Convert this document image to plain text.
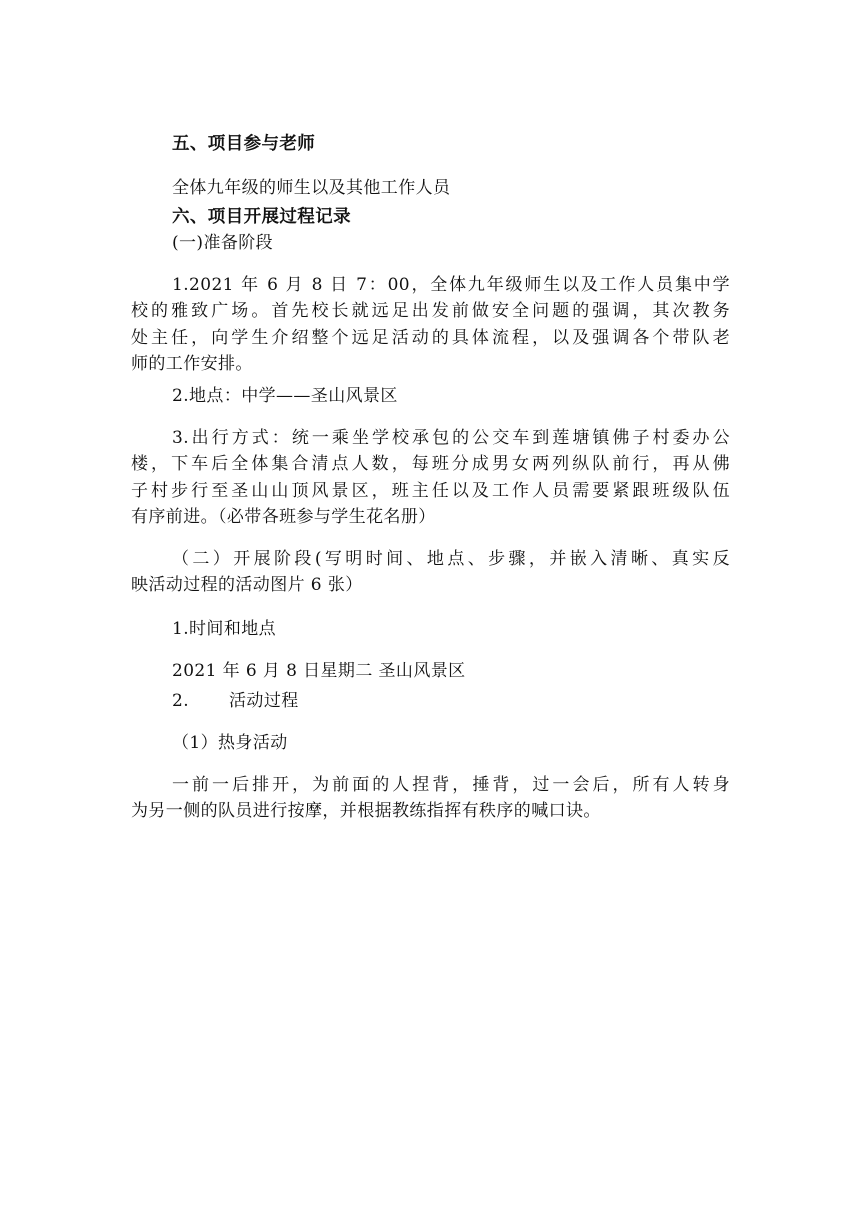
五、项目参与老师
全体九年级的师生以及其他工作人员
六、项目开展过程记录
(一)准备阶段
1.2021 年 6 月 8 日 7：00，全体九年级师生以及工作人员集中学
校的雅致广场。首先校长就远足出发前做安全问题的强调，其次教务
处主任，向学生介绍整个远足活动的具体流程，以及强调各个带队老
师的工作安排。
2.地点：中学——圣山风景区
3.出行方式：统一乘坐学校承包的公交车到莲塘镇佛子村委办公
楼，下车后全体集合清点人数，每班分成男女两列纵队前行，再从佛
子村步行至圣山山顶风景区，班主任以及工作人员需要紧跟班级队伍
有序前进。（必带各班参与学生花名册）
（二）开展阶段(写明时间、地点、步骤，并嵌入清晰、真实反
映活动过程的活动图片 6 张）
1.时间和地点
2021 年 6 月 8 日星期二 圣山风景区
2. 活动过程
（1）热身活动
一前一后排开，为前面的人捏背，捶背，过一会后，所有人转身
为另一侧的队员进行按摩，并根据教练指挥有秩序的喊口诀。
